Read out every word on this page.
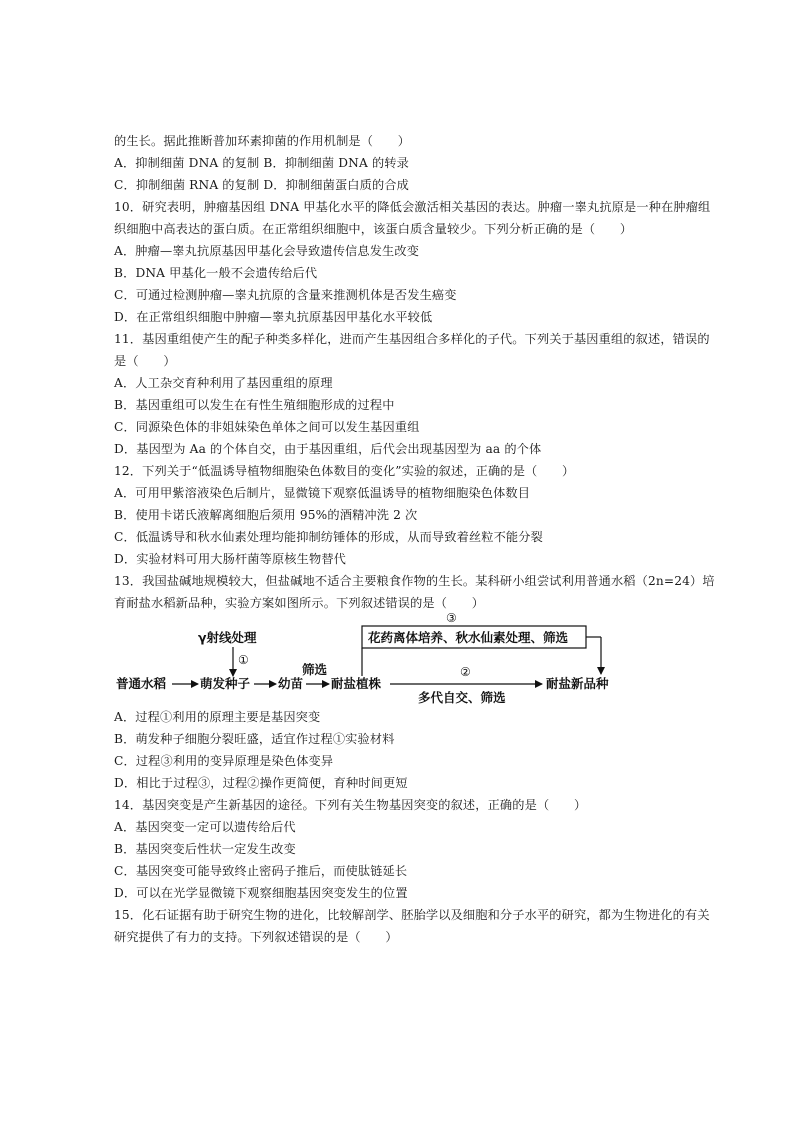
的生长。据此推断普加环素抑菌的作用机制是（　　）
A．抑制细菌 DNA 的复制 B．抑制细菌 DNA 的转录
C．抑制细菌 RNA 的复制 D．抑制细菌蛋白质的合成
10．研究表明，肿瘤基因组 DNA 甲基化水平的降低会激活相关基因的表达。肿瘤一睾丸抗原是一种在肿瘤组
织细胞中高表达的蛋白质。在正常组织细胞中，该蛋白质含量较少。下列分析正确的是（　　）
A．肿瘤—睾丸抗原基因甲基化会导致遗传信息发生改变
B．DNA 甲基化一般不会遗传给后代
C．可通过检测肿瘤—睾丸抗原的含量来推测机体是否发生癌变
D．在正常组织细胞中肿瘤—睾丸抗原基因甲基化水平较低
11．基因重组使产生的配子种类多样化，进而产生基因组合多样化的子代。下列关于基因重组的叙述，错误的
是（　　）
A．人工杂交育种利用了基因重组的原理
B．基因重组可以发生在有性生殖细胞形成的过程中
C．同源染色体的非姐妹染色单体之间可以发生基因重组
D．基因型为 Aa 的个体自交，由于基因重组，后代会出现基因型为 aa 的个体
12．下列关于“低温诱导植物细胞染色体数目的变化”实验的叙述，正确的是（　　）
A．可用甲紫溶液染色后制片，显微镜下观察低温诱导的植物细胞染色体数目
B．使用卡诺氏液解离细胞后须用 95%的酒精冲洗 2 次
C．低温诱导和秋水仙素处理均能抑制纺锤体的形成，从而导致着丝粒不能分裂
D．实验材料可用大肠杆菌等原核生物替代
13．我国盐碱地规模较大，但盐碱地不适合主要粮食作物的生长。某科研小组尝试利用普通水稻（2n=24）培
育耐盐水稻新品种，实验方案如图所示。下列叙述错误的是（　　）
③
花药离体培养、秋水仙素处理、筛选
γ射线处理
①
普通水稻	萌发种子 幼苗
筛选
耐盐植株
②
多代自交、筛选
耐盐新品种
A．过程①利用的原理主要是基因突变
B．萌发种子细胞分裂旺盛，适宜作过程①实验材料
C．过程③利用的变异原理是染色体变异
D．相比于过程③，过程②操作更简便，育种时间更短
14．基因突变是产生新基因的途径。下列有关生物基因突变的叙述，正确的是（　　）
A．基因突变一定可以遗传给后代
B．基因突变后性状一定发生改变
C．基因突变可能导致终止密码子推后，而使肽链延长
D．可以在光学显微镜下观察细胞基因突变发生的位置
15．化石证据有助于研究生物的进化，比较解剖学、胚胎学以及细胞和分子水平的研究，都为生物进化的有关
研究提供了有力的支持。下列叙述错误的是（　　）
